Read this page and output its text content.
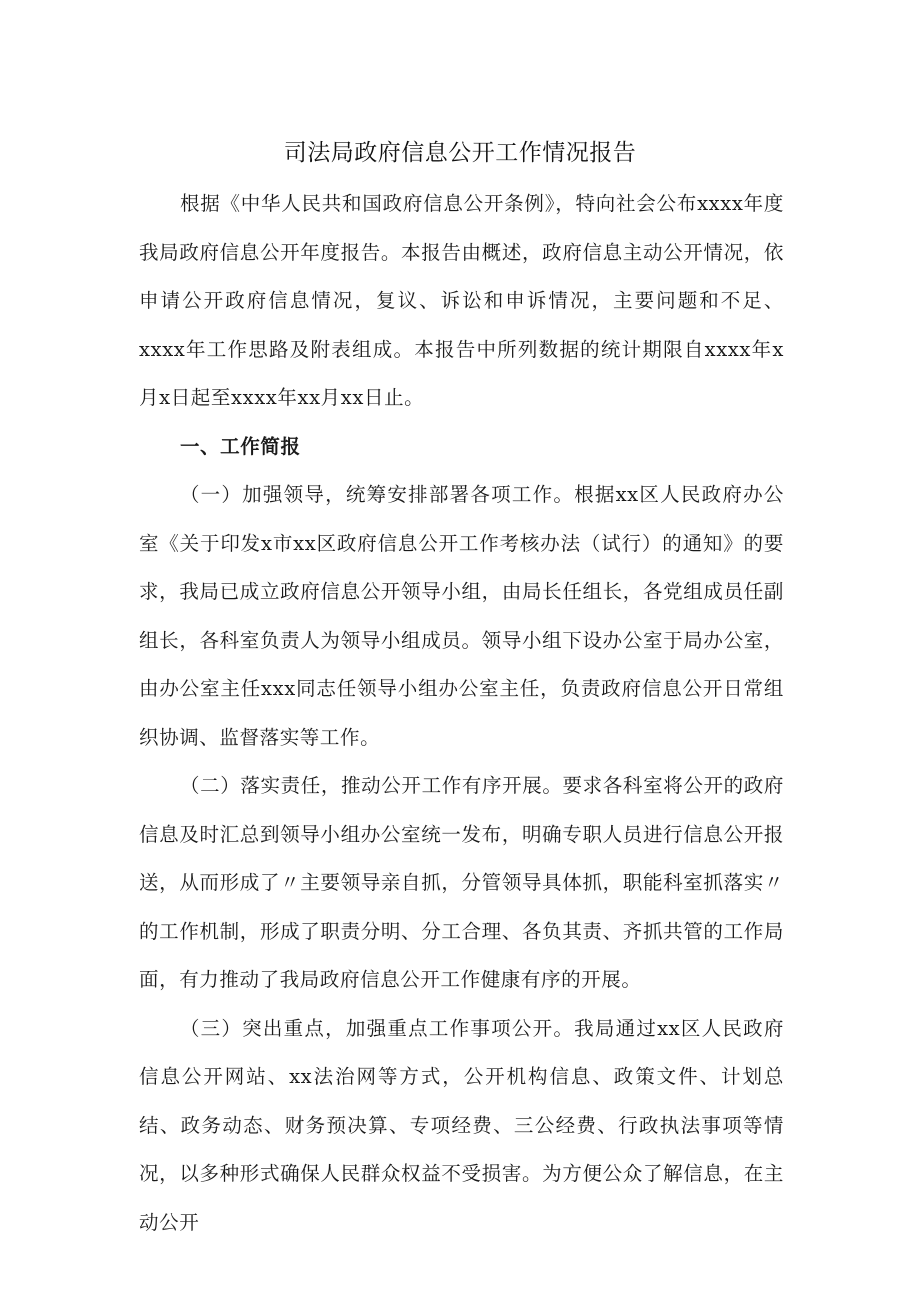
司法局政府信息公开工作情况报告

根据《中华人民共和国政府信息公开条例》，特向社会公布xxxx年度我局政府信息公开年度报告。本报告由概述，政府信息主动公开情况，依申请公开政府信息情况，复议、诉讼和申诉情况，主要问题和不足、xxxx年工作思路及附表组成。本报告中所列数据的统计期限自xxxx年x月x日起至xxxx年xx月xx日止。

一、工作简报

（一）加强领导，统筹安排部署各项工作。根据xx区人民政府办公室《关于印发x市xx区政府信息公开工作考核办法（试行）的通知》的要求，我局已成立政府信息公开领导小组，由局长任组长，各党组成员任副组长，各科室负责人为领导小组成员。领导小组下设办公室于局办公室，由办公室主任xxx同志任领导小组办公室主任，负责政府信息公开日常组织协调、监督落实等工作。

（二）落实责任，推动公开工作有序开展。要求各科室将公开的政府信息及时汇总到领导小组办公室统一发布，明确专职人员进行信息公开报送，从而形成了〃主要领导亲自抓，分管领导具体抓，职能科室抓落实〃的工作机制，形成了职责分明、分工合理、各负其责、齐抓共管的工作局面，有力推动了我局政府信息公开工作健康有序的开展。

（三）突出重点，加强重点工作事项公开。我局通过xx区人民政府信息公开网站、xx法治网等方式，公开机构信息、政策文件、计划总结、政务动态、财务预决算、专项经费、三公经费、行政执法事项等情况，以多种形式确保人民群众权益不受损害。为方便公众了解信息，在主动公开
